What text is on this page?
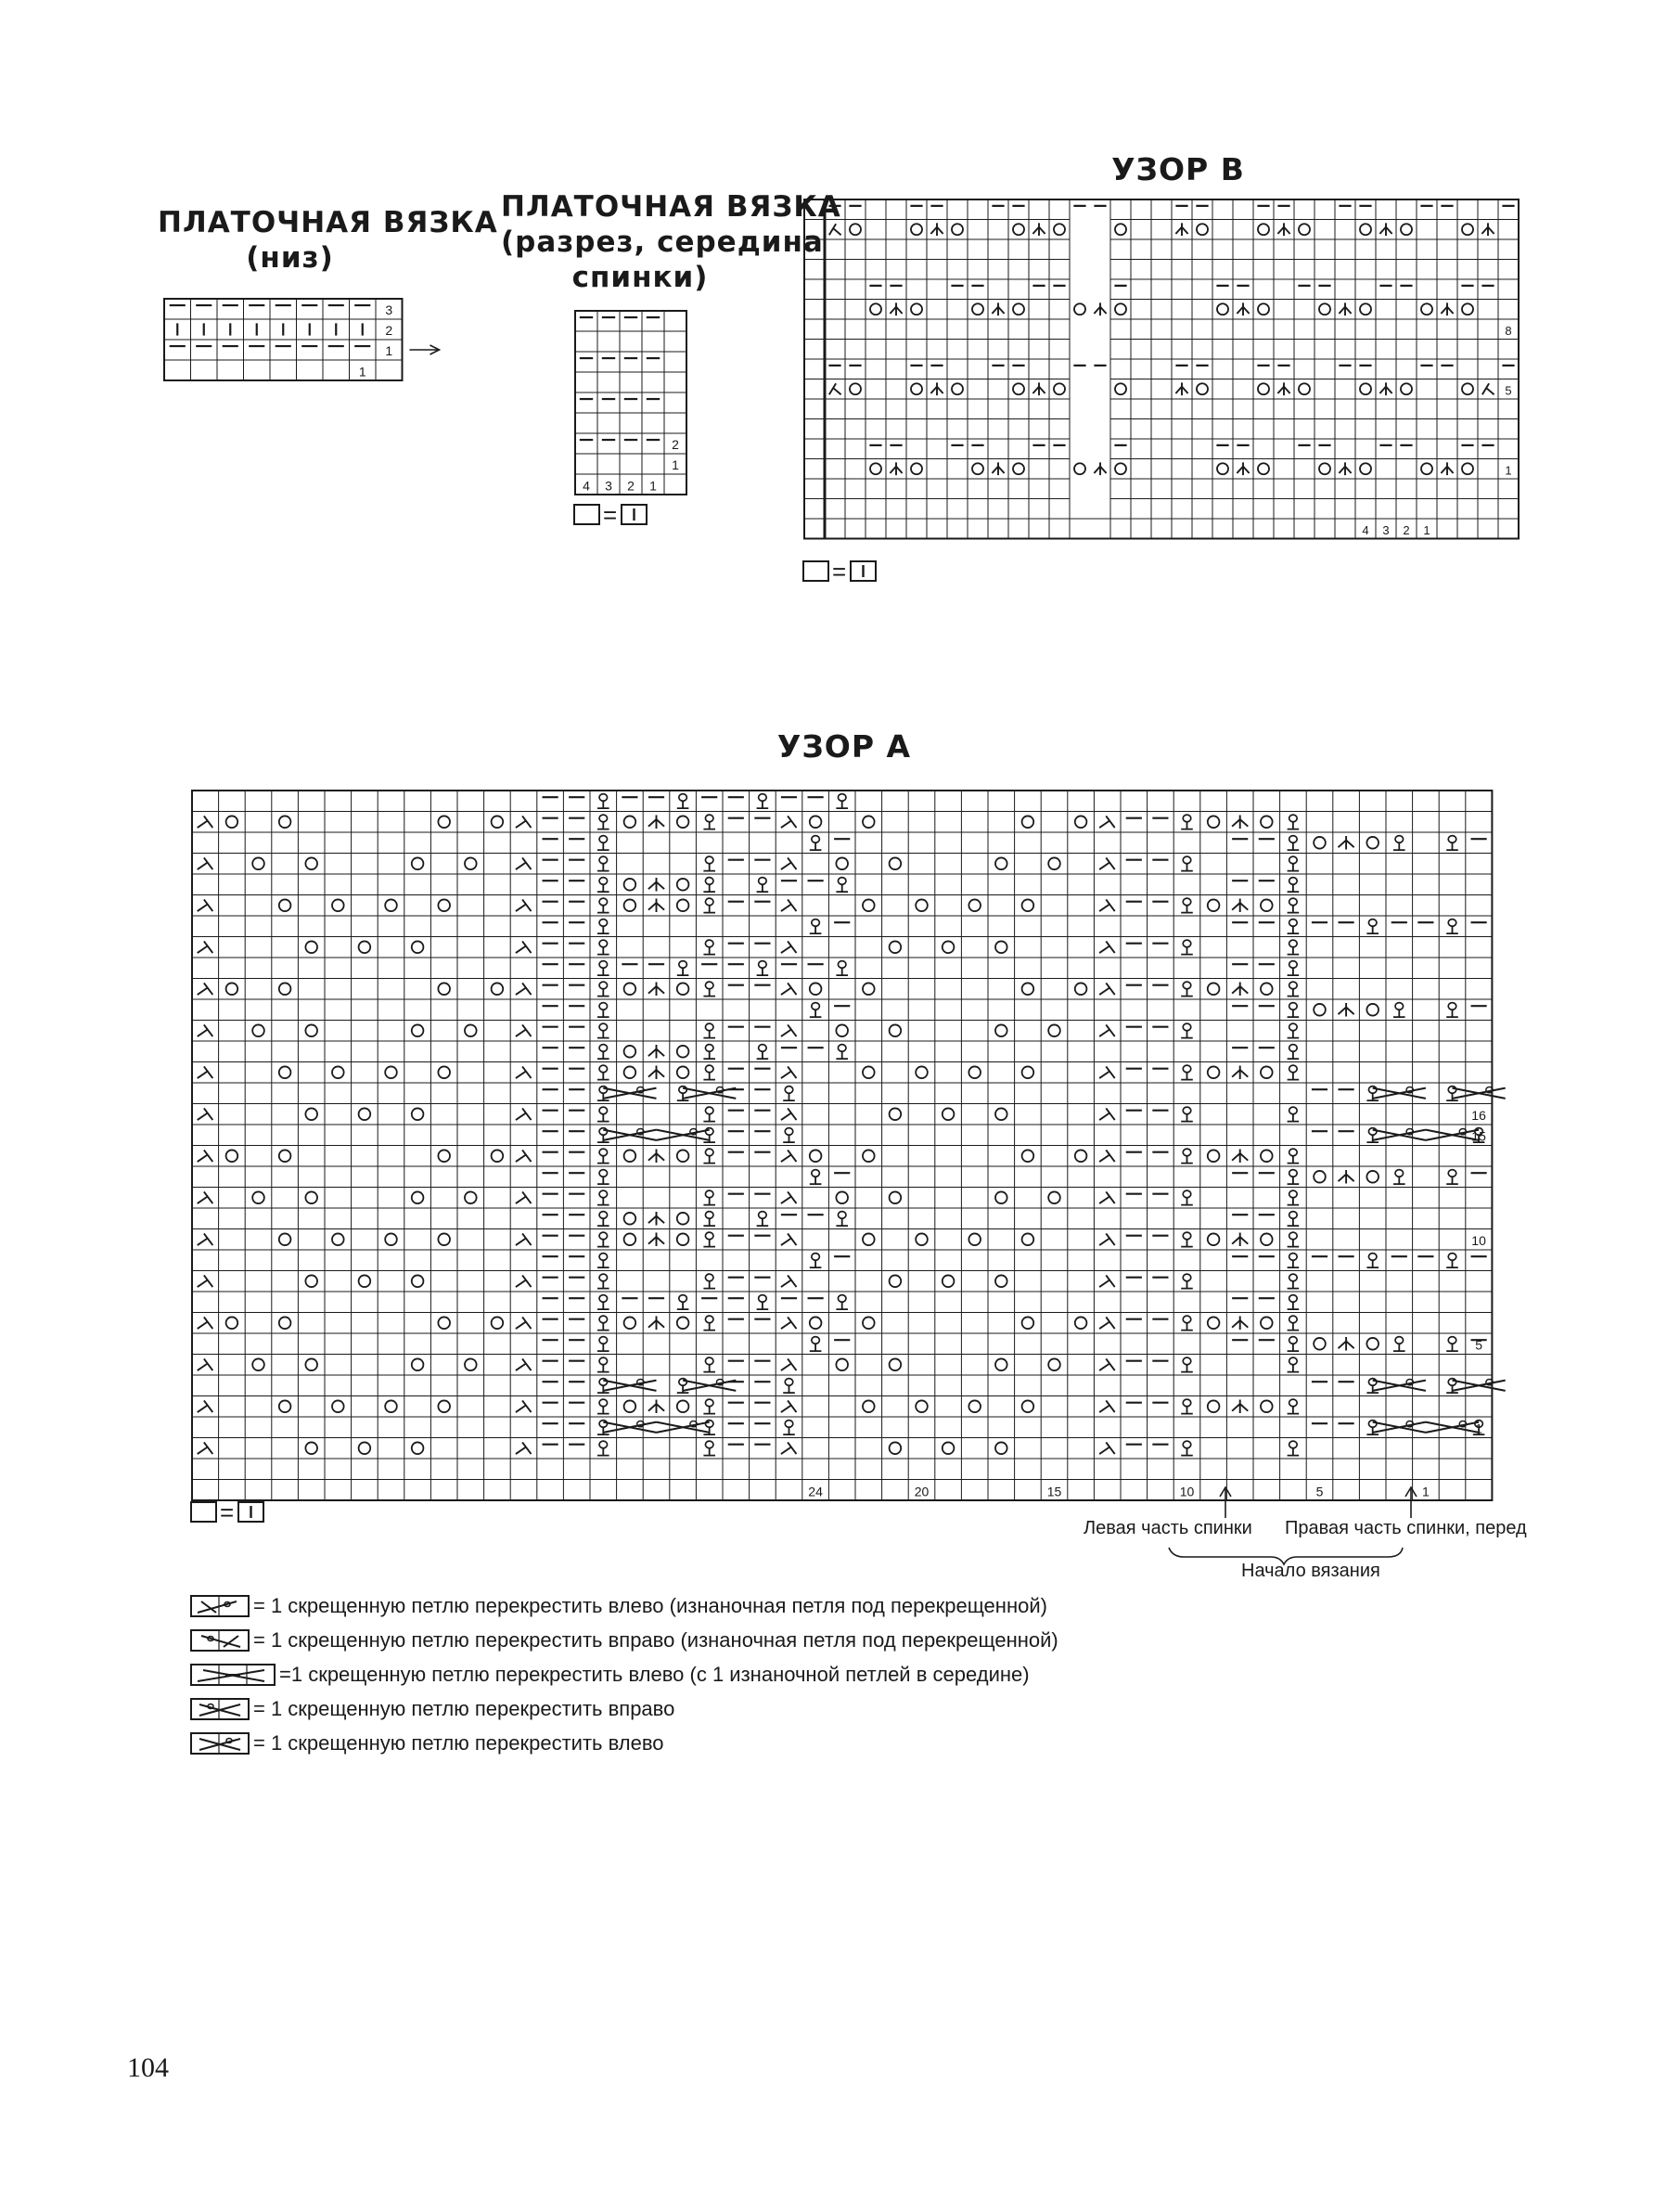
ПЛАТОЧНАЯ ВЯЗКА
(низ)
ПЛАТОЧНАЯ ВЯЗКА
(разрез, середина
спинки)
УЗОР В
УЗОР А
3
2
1
1
2
1
4 3 2 1
=
8
5
1
4 3 2 1
=
16
15
10
5
1
24	20	15	10	5	1
=
Левая часть спинки Правая часть спинки, перед
Начало вязания
= 1 скрещенную петлю перекрестить влево (изнаночная петля под перекрещенной)
= 1 скрещенную петлю перекрестить вправо (изнаночная петля под перекрещенной)
=1 скрещенную петлю перекрестить влево (с 1 изнаночной петлей в середине)
= 1 скрещенную петлю перекрестить вправо
= 1 скрещенную петлю перекрестить влево
104
